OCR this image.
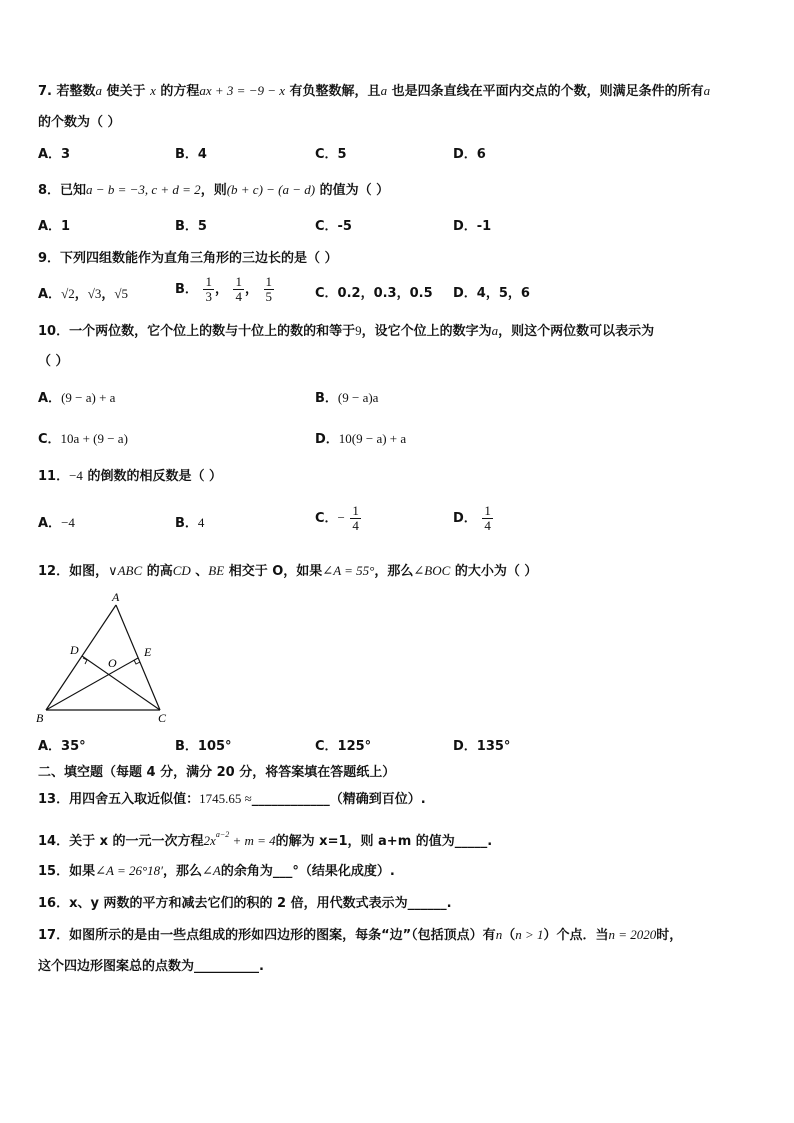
7. 若整数a 使关于 x 的方程ax + 3 = −9 − x 有负整数解，且a 也是四条直线在平面内交点的个数，则满足条件的所有a
的个数为（ ）
A．3	B．4	C．5	D．6
8．已知a − b = −3, c + d = 2，则(b + c) − (a − d) 的值为（ ）
A．1	B．5	C．-5	D．-1
9．下列四组数能作为直角三角形的三边长的是（ ）
A．√2，√3，√5	B． $\frac{1}{3}$ ， $\frac{1}{4}$ ， $\frac{1}{5}$	C．0.2，0.3，0.5 D．4，5，6
10．一个两位数，它个位上的数与十位上的数的和等于9，设它个位上的数字为a，则这个两位数可以表示为
（ ）
A．(9 − a) + a	B．(9 − a)a
C．10a + (9 − a)	D．10(9 − a) + a
11．−4 的倒数的相反数是（ ）
A．−4	B．4	C．− $\frac{1}{4}$	D． $\frac{1}{4}$
12．如图，∨ABC 的高CD 、BE 相交于 O，如果∠A = 55°，那么∠BOC 的大小为（ ）
A
D	E
O
B	C
A．35°	B．105°	C．125°	D．135°
二、填空题（每题 4 分，满分 20 分，将答案填在答题纸上）
13．用四舍五入取近似值：1745.65 ≈____________（精确到百位）.
14．关于 x 的一元一次方程$2x^{a-2} + m = 4$的解为 x=1，则 a+m 的值为_____.
15．如果∠A = 26°18′，那么∠A的余角为___°（结果化成度）.
16．x、y 两数的平方和减去它们的积的 2 倍，用代数式表示为______.
17．如图所示的是由一些点组成的形如四边形的图案，每条“边”（包括顶点）有n（n > 1）个点．当n = 2020时，
这个四边形图案总的点数为__________.
